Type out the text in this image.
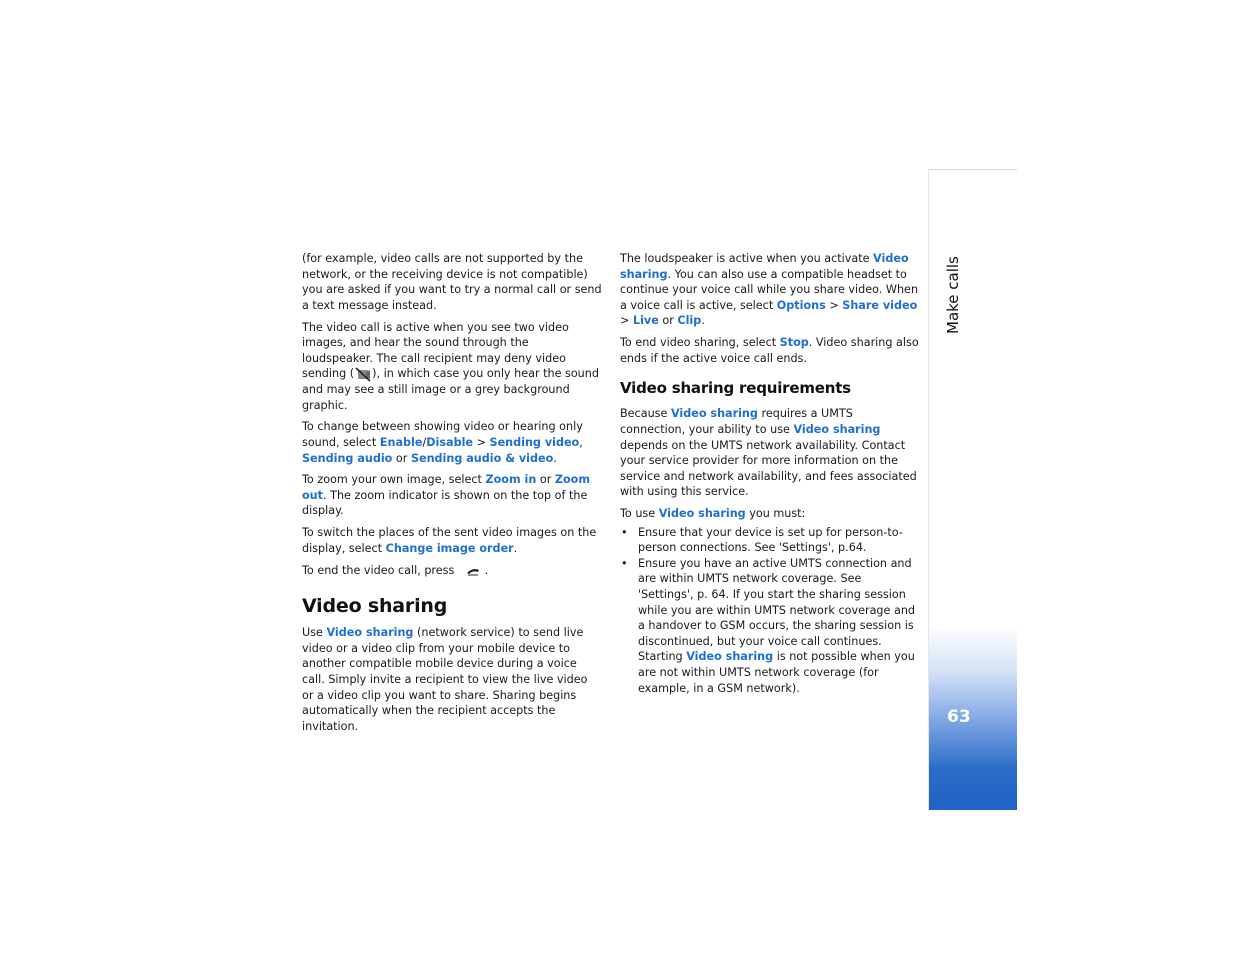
(for example, video calls are not supported by the network, or the receiving device is not compatible) you are asked if you want to try a normal call or send a text message instead.

The video call is active when you see two video images, and hear the sound through the loudspeaker. The call recipient may deny video sending ( ), in which case you only hear the sound and may see a still image or a grey background graphic.

To change between showing video or hearing only sound, select Enable/Disable > Sending video, Sending audio or Sending audio & video.

To zoom your own image, select Zoom in or Zoom out. The zoom indicator is shown on the top of the display.

To switch the places of the sent video images on the display, select Change image order.

To end the video call, press    .

Video sharing

Use Video sharing (network service) to send live video or a video clip from your mobile device to another compatible mobile device during a voice call. Simply invite a recipient to view the live video or a video clip you want to share. Sharing begins automatically when the recipient accepts the invitation.

The loudspeaker is active when you activate Video sharing. You can also use a compatible headset to continue your voice call while you share video. When a voice call is active, select Options > Share video > Live or Clip.

To end video sharing, select Stop. Video sharing also ends if the active voice call ends.

Video sharing requirements

Because Video sharing requires a UMTS connection, your ability to use Video sharing depends on the UMTS network availability. Contact your service provider for more information on the service and network availability, and fees associated with using this service.

To use Video sharing you must:

• Ensure that your device is set up for person-to-person connections. See 'Settings', p.64.
• Ensure you have an active UMTS connection and are within UMTS network coverage. See 'Settings', p. 64. If you start the sharing session while you are within UMTS network coverage and a handover to GSM occurs, the sharing session is discontinued, but your voice call continues. Starting Video sharing is not possible when you are not within UMTS network coverage (for example, in a GSM network).
Make calls
63
